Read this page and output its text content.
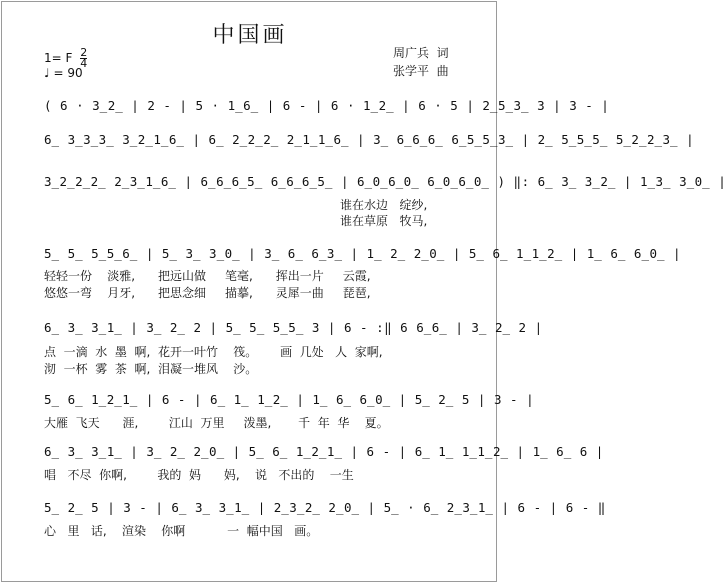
中国画
1= F $\frac{2}{4}$
♩ = 90
周广兵 词
张学平 曲
( 6 · 3̲2̲ | 2 - | 5 · 1̲6̲ | 6 - | 6 · 1̲2̲ | 6 · 5 | 2̲5̲3̲ 3 | 3 - |
6̲ 3̲3̲3̲ 3̲2̲1̲6̲ | 6̲ 2̲2̲2̲ 2̲1̲1̲6̲ | 3̲ 6̲6̲6̲ 6̲5̲5̲3̲ | 2̲ 5̲5̲5̲ 5̲2̲2̲3̲ |
3̲2̲2̲2̲ 2̲3̲1̲6̲ | 6̲6̲6̲5̲ 6̲6̲6̲5̲ | 6̲0̲6̲0̲ 6̲0̲6̲0̲ ) ‖: 6̲ 3̲ 3̲2̲ | 1̲3̲ 3̲0̲ |
谁在水边   绽纱,
谁在草原   牧马,
5̲ 5̲ 5̲5̲6̲ | 5̲ 3̲ 3̲0̲ | 3̲ 6̲ 6̲3̲ | 1̲ 2̲ 2̲0̲ | 5̲ 6̲ 1̲1̲2̲ | 1̲ 6̲ 6̲0̲ |
轻轻一份    淡雅,      把远山做     笔毫,      挥出一片     云霞,
悠悠一弯    月牙,      把思念细     描摹,      灵犀一曲     琵琶,
6̲ 3̲ 3̲1̲ | 3̲ 2̲ 2 | 5̲ 5̲ 5̲5̲ 3 | 6 - :‖ 6 6̲6̲ | 3̲ 2̲ 2 |
点  一滴  水  墨  啊,  花开一叶竹    筏。      画  几处   人  家啊,
沏  一杯  雾  茶  啊,  泪凝一堆风    沙。
5̲ 6̲ 1̲2̲1̲ | 6 - | 6̲ 1̲ 1̲2̲ | 1̲ 6̲ 6̲0̲ | 5̲ 2̲ 5 | 3 - |
大雁  飞天      涯,        江山  万里     泼墨,       千  年  华    夏。
6̲ 3̲ 3̲1̲ | 3̲ 2̲ 2̲0̲ | 5̲ 6̲ 1̲2̲1̲ | 6 - | 6̲ 1̲ 1̲1̲2̲ | 1̲ 6̲ 6 |
唱   不尽  你啊,        我的  妈      妈,    说   不出的    一生
5̲ 2̲ 5 | 3 - | 6̲ 3̲ 3̲1̲ | 2̲3̲2̲ 2̲0̲ | 5̲ · 6̲ 2̲3̲1̲ | 6 - | 6 - ‖
心   里   话,    渲染    你啊           一  幅中国   画。
